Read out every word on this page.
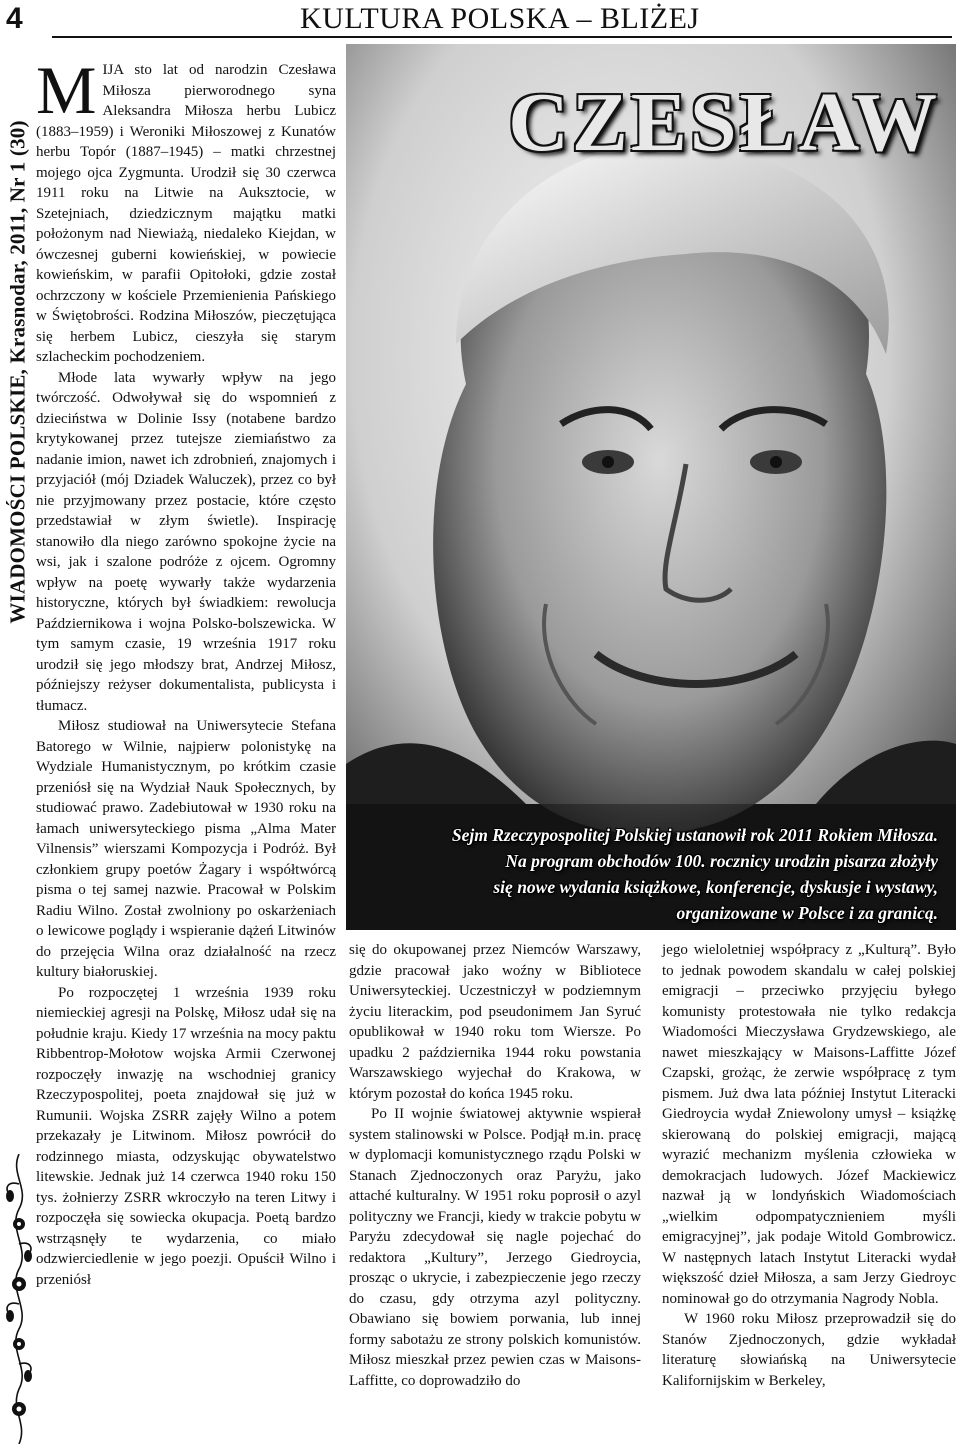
4	KULTURA POLSKA – BLIŻEJ
WIADOMOŚCI POLSKIE, Krasnodar, 2011, Nr 1 (30)

MIJA sto lat od narodzin Czesława Miłosza pierworodnego syna Aleksandra Miłosza herbu Lubicz (1883–1959) i Weroniki Miłoszowej z Kunatów herbu Topór (1887–1945) – matki chrzestnej mojego ojca Zygmunta. Urodził się 30 czerwca 1911 roku na Litwie na Auksztocie, w Szetejniach, dziedzicznym majątku matki położonym nad Niewiażą, niedaleko Kiejdan, w ówczesnej guberni kowieńskiej, w powiecie kowieńskim, w parafii Opitołoki, gdzie został ochrzczony w kościele Przemienienia Pańskiego w Świętobrości. Rodzina Miłoszów, pieczętująca się herbem Lubicz, cieszyła się starym szlacheckim pochodzeniem.

Młode lata wywarły wpływ na jego twórczość. Odwoływał się do wspomnień z dzieciństwa w Dolinie Issy (notabene bardzo krytykowanej przez tutejsze ziemiaństwo za nadanie imion, nawet ich zdrobnień, znajomych i przyjaciół (mój Dziadek Waluczek), przez co był nie przyjmowany przez postacie, które często przedstawiał w złym świetle). Inspirację stanowiło dla niego zarówno spokojne życie na wsi, jak i szalone podróże z ojcem. Ogromny wpływ na poetę wywarły także wydarzenia historyczne, których był świadkiem: rewolucja Październikowa i wojna Polsko-bolszewicka. W tym samym czasie, 19 września 1917 roku urodził się jego młodszy brat, Andrzej Miłosz, późniejszy reżyser dokumentalista, publicysta i tłumacz.

Miłosz studiował na Uniwersytecie Stefana Batorego w Wilnie, najpierw polonistykę na Wydziale Humanistycznym, po krótkim czasie przeniósł się na Wydział Nauk Społecznych, by studiować prawo. Zadebiutował w 1930 roku na łamach uniwersyteckiego pisma „Alma Mater Vilnensis” wierszami Kompozycja i Podróż. Był członkiem grupy poetów Żagary i współtwórcą pisma o tej samej nazwie. Pracował w Polskim Radiu Wilno. Został zwolniony po oskarżeniach o lewicowe poglądy i wspieranie dążeń Litwinów do przejęcia Wilna oraz działalność na rzecz kultury białoruskiej.

Po rozpoczętej 1 września 1939 roku niemieckiej agresji na Polskę, Miłosz udał się na południe kraju. Kiedy 17 września na mocy paktu Ribbentrop-Mołotow wojska Armii Czerwonej rozpoczęły inwazję na wschodniej granicy Rzeczypospolitej, poeta znajdował się już w Rumunii. Wojska ZSRR zajęły Wilno a potem przekazały je Litwinom. Miłosz powrócił do rodzinnego miasta, odzyskując obywatelstwo litewskie. Jednak już 14 czerwca 1940 roku 150 tys. żołnierzy ZSRR wkroczyło na teren Litwy i rozpoczęła się sowiecka okupacja. Poetą bardzo wstrząsnęły te wydarzenia, co miało odzwierciedlenie w jego poezji. Opuścił Wilno i przeniósł

CZESŁAW
Sejm Rzeczypospolitej Polskiej ustanowił rok 2011 Rokiem Miłosza.
Na program obchodów 100. rocznicy urodzin pisarza złożyły
się nowe wydania książkowe, konferencje, dyskusje i wystawy,
organizowane w Polsce i za granicą.

się do okupowanej przez Niemców Warszawy, gdzie pracował jako woźny w Bibliotece Uniwersyteckiej. Uczestniczył w podziemnym życiu literackim, pod pseudonimem Jan Syruć opublikował w 1940 roku tom Wiersze. Po upadku 2 października 1944 roku powstania Warszawskiego wyjechał do Krakowa, w którym pozostał do końca 1945 roku.

Po II wojnie światowej aktywnie wspierał system stalinowski w Polsce. Podjął m.in. pracę w dyplomacji komunistycznego rządu Polski w Stanach Zjednoczonych oraz Paryżu, jako attaché kulturalny. W 1951 roku poprosił o azyl polityczny we Francji, kiedy w trakcie pobytu w Paryżu zdecydował się nagle pojechać do redaktora „Kultury”, Jerzego Giedroycia, prosząc o ukrycie, i zabezpieczenie jego rzeczy do czasu, gdy otrzyma azyl polityczny. Obawiano się bowiem porwania, lub innej formy sabotażu ze strony polskich komunistów. Miłosz mieszkał przez pewien czas w Maisons-Laffitte, co doprowadziło do

jego wieloletniej współpracy z „Kulturą”. Było to jednak powodem skandalu w całej polskiej emigracji – przeciwko przyjęciu byłego komunisty protestowała nie tylko redakcja Wiadomości Mieczysława Grydzewskiego, ale nawet mieszkający w Maisons-Laffitte Józef Czapski, grożąc, że zerwie współpracę z tym pismem. Już dwa lata później Instytut Literacki Giedroycia wydał Zniewolony umysł – książkę skierowaną do polskiej emigracji, mającą wyrazić mechanizm myślenia człowieka w demokracjach ludowych. Józef Mackiewicz nazwał ją w londyńskich Wiadomościach „wielkim odpompatycznieniem myśli emigracyjnej”, jak podaje Witold Gombrowicz. W następnych latach Instytut Literacki wydał większość dzieł Miłosza, a sam Jerzy Giedroyc nominował go do otrzymania Nagrody Nobla.

W 1960 roku Miłosz przeprowadził się do Stanów Zjednoczonych, gdzie wykładał literaturę słowiańską na Uniwersytecie Kalifornijskim w Berkeley,
